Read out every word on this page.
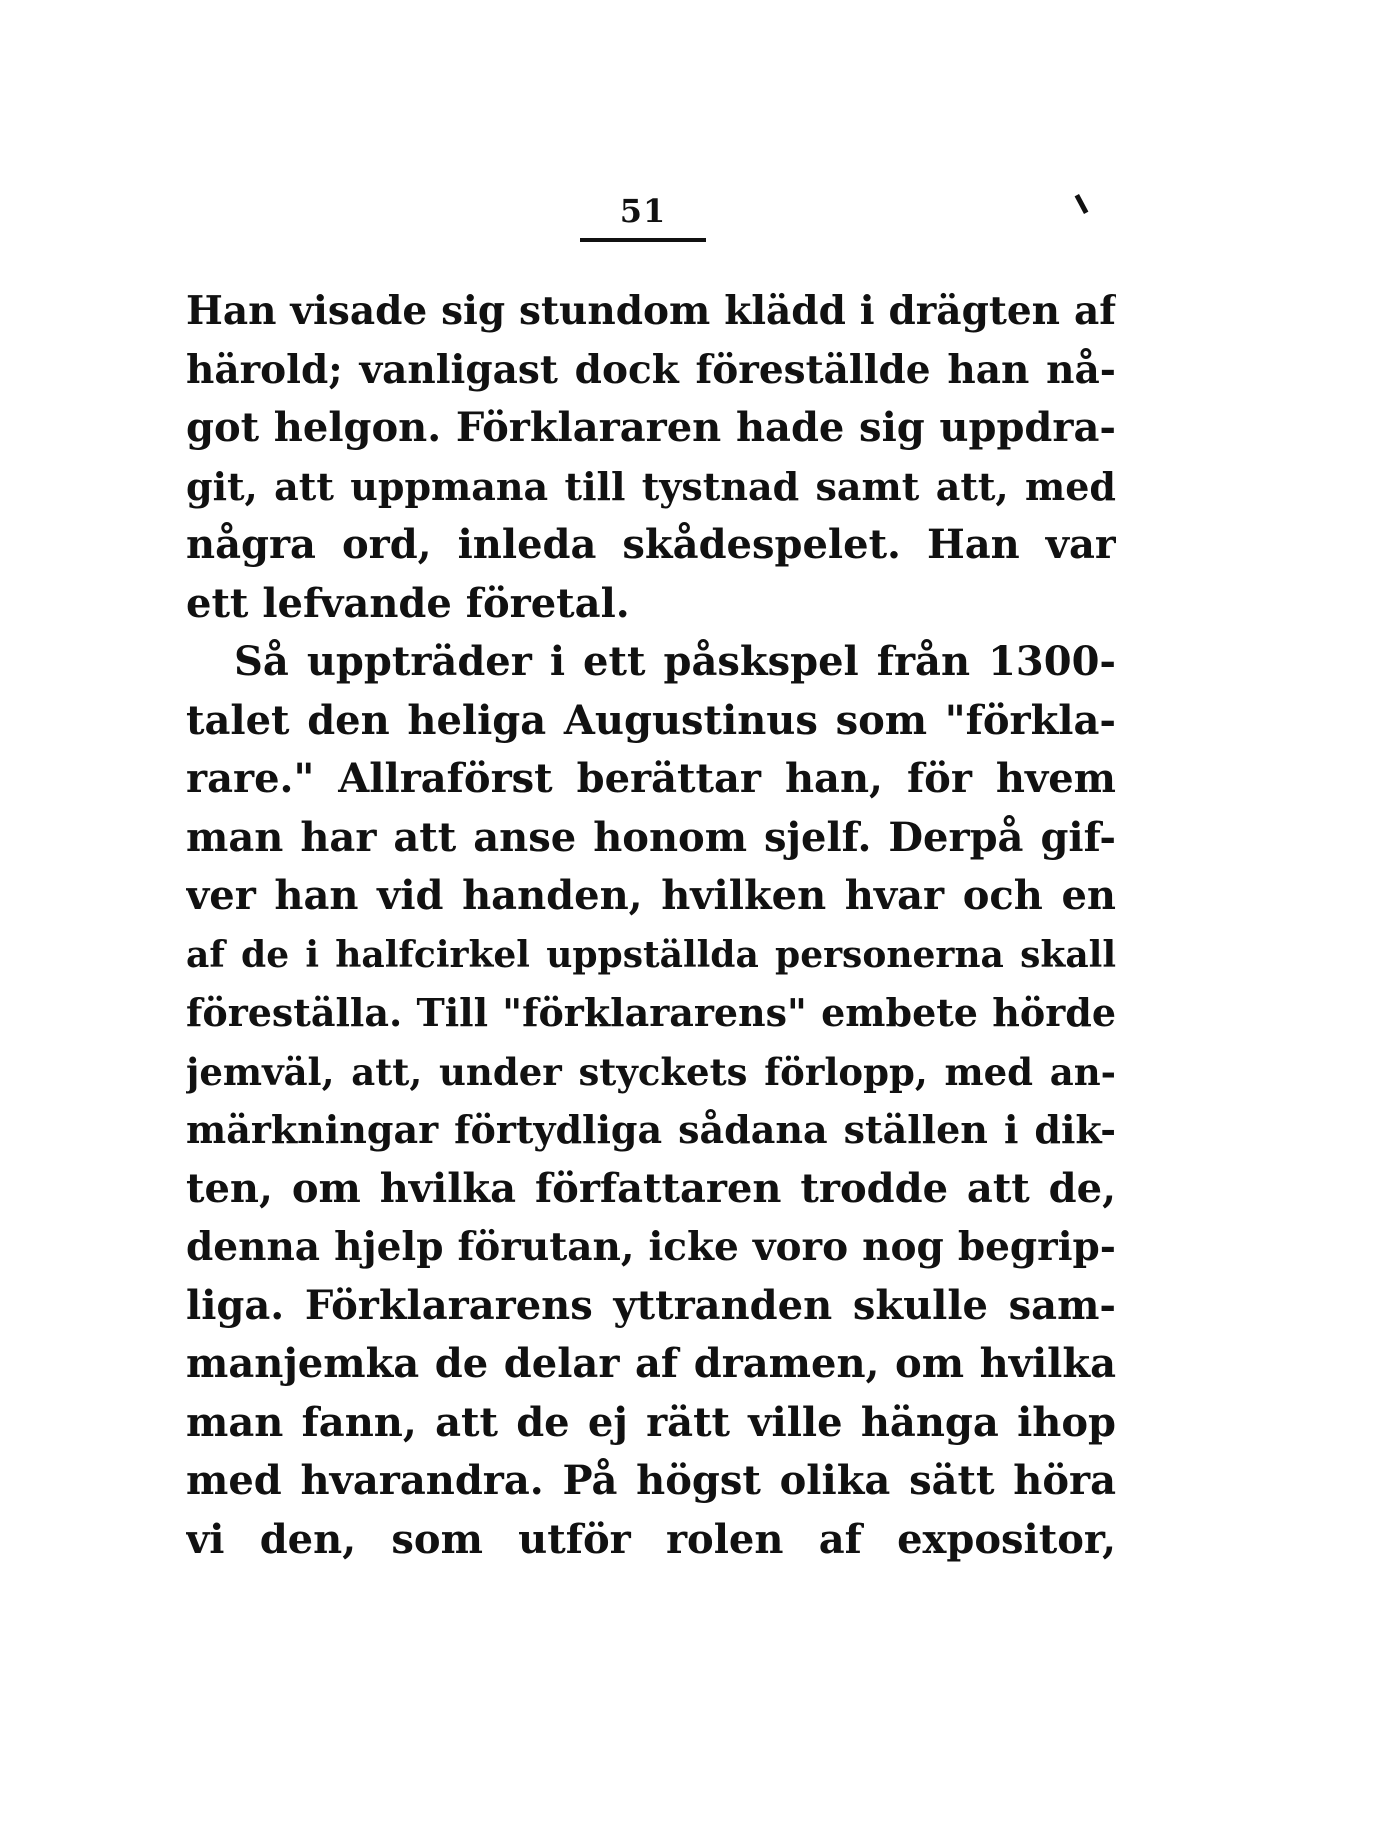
51
Han visade sig stundom klädd i drägten af
härold; vanligast dock föreställde han nå-
got helgon. Förklararen hade sig uppdra-
git, att uppmana till tystnad samt att, med
några ord, inleda skådespelet. Han var
ett lefvande företal.
Så uppträder i ett påskspel från 1300-
talet den heliga Augustinus som "förkla-
rare." Allraförst berättar han, för hvem
man har att anse honom sjelf. Derpå gif-
ver han vid handen, hvilken hvar och en
af de i halfcirkel uppställda personerna skall
föreställa. Till "förklararens" embete hörde
jemväl, att, under styckets förlopp, med an-
märkningar förtydliga sådana ställen i dik-
ten, om hvilka författaren trodde att de,
denna hjelp förutan, icke voro nog begrip-
liga. Förklararens yttranden skulle sam-
manjemka de delar af dramen, om hvilka
man fann, att de ej rätt ville hänga ihop
med hvarandra. På högst olika sätt höra
vi den, som utför rolen af expositor,
